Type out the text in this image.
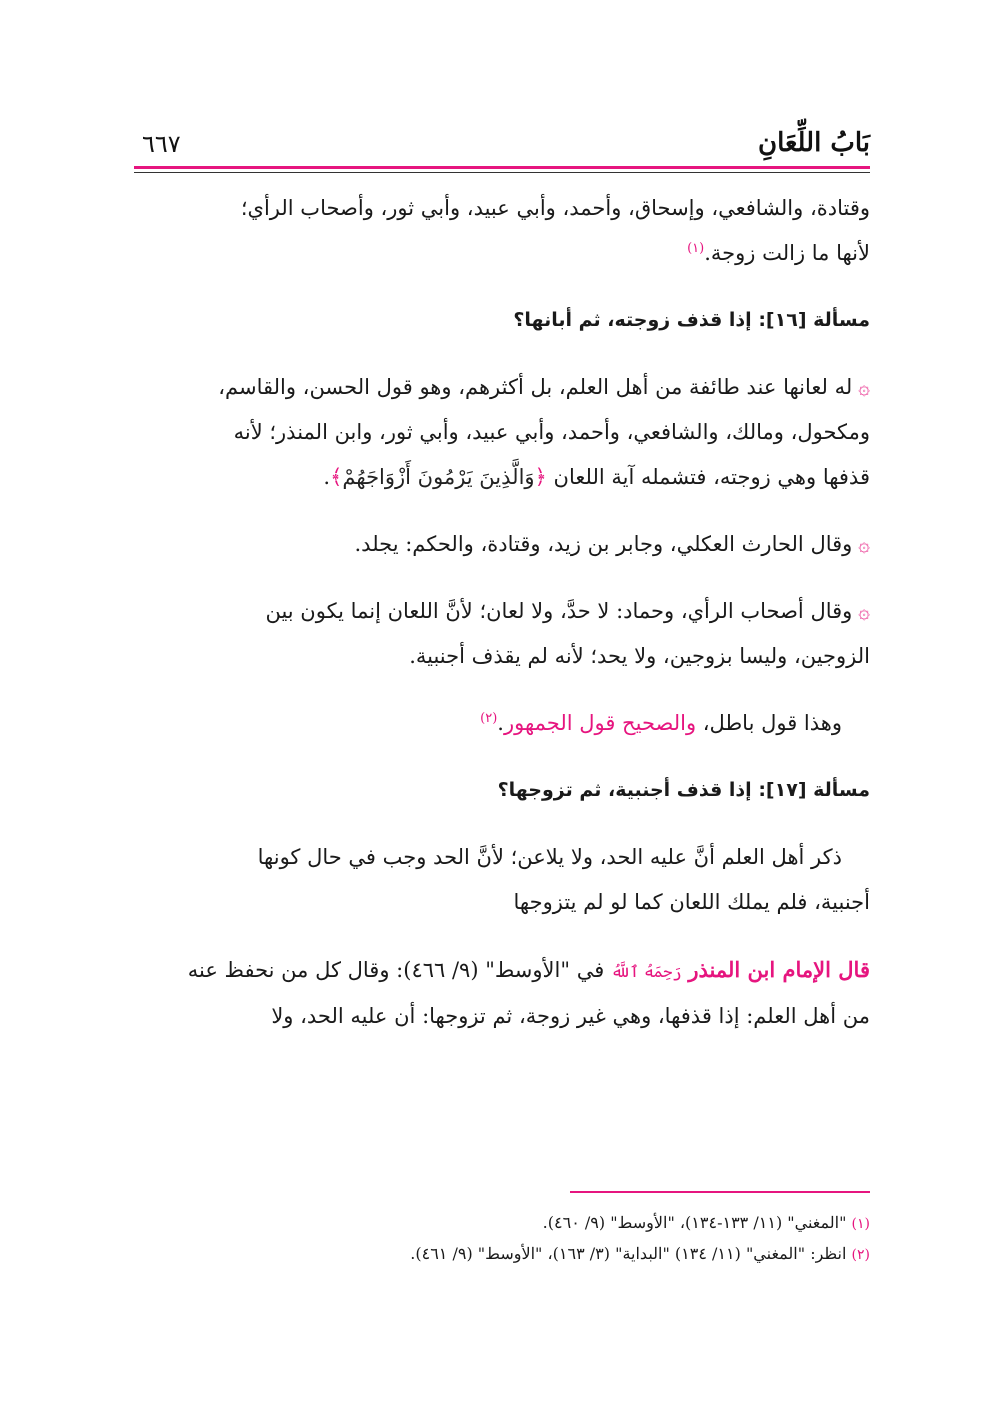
بَابُ اللِّعَانِ
٦٦٧

وقتادة، والشافعي، وإسحاق، وأحمد، وأبي عبيد، وأبي ثور، وأصحاب الرأي؛
لأنها ما زالت زوجة.$^{(١)}$

مسألة [١٦]: إذا قذف زوجته، ثم أبانها؟

۞له لعانها عند طائفة من أهل العلم، بل أكثرهم، وهو قول الحسن، والقاسم،
ومكحول، ومالك، والشافعي، وأحمد، وأبي عبيد، وأبي ثور، وابن المنذر؛ لأنه
قذفها وهي زوجته، فتشمله آية اللعان ﴿وَالَّذِينَ يَرْمُونَ أَزْوَاجَهُمْ﴾.

۞وقال الحارث العكلي، وجابر بن زيد، وقتادة، والحكم: يجلد.

۞وقال أصحاب الرأي، وحماد: لا حدَّ، ولا لعان؛ لأنَّ اللعان إنما يكون بين
الزوجين، وليسا بزوجين، ولا يحد؛ لأنه لم يقذف أجنبية.

وهذا قول باطل، والصحيح قول الجمهور.$^{(٢)}$

مسألة [١٧]: إذا قذف أجنبية، ثم تزوجها؟

ذكر أهل العلم أنَّ عليه الحد، ولا يلاعن؛ لأنَّ الحد وجب في حال كونها
أجنبية، فلم يملك اللعان كما لو لم يتزوجها

قال الإمام ابن المنذر رَحِمَهُ ٱللَّهُ في "الأوسط" (٩/ ٤٦٦): وقال كل من نحفظ عنه
من أهل العلم: إذا قذفها، وهي غير زوجة، ثم تزوجها: أن عليه الحد، ولا

(١) "المغني" (١١/ ١٣٣-١٣٤)، "الأوسط" (٩/ ٤٦٠).
(٢) انظر: "المغني" (١١/ ١٣٤) "البداية" (٣/ ١٦٣)، "الأوسط" (٩/ ٤٦١).
